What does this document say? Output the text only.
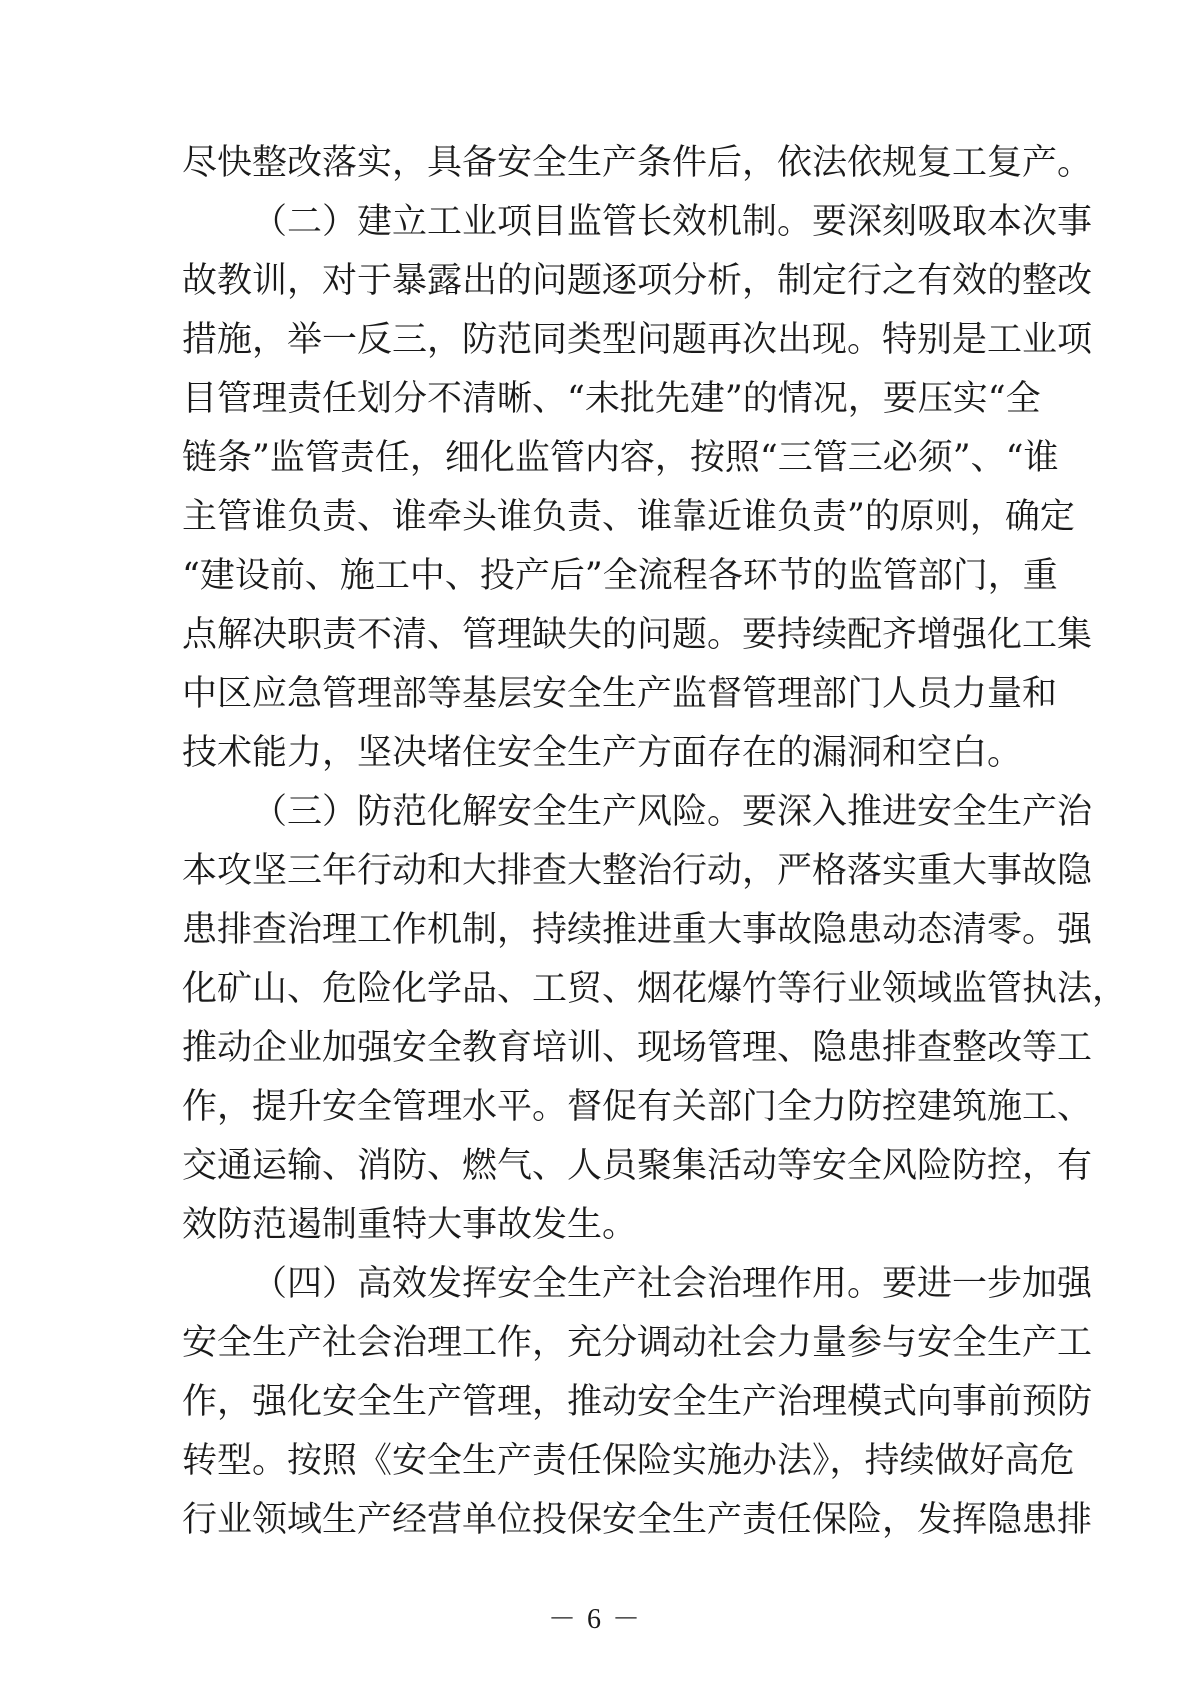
尽快整改落实，具备安全生产条件后，依法依规复工复产。
（二）建立工业项目监管长效机制。要深刻吸取本次事
故教训，对于暴露出的问题逐项分析，制定行之有效的整改
措施，举一反三，防范同类型问题再次出现。特别是工业项
目管理责任划分不清晰、“未批先建”的情况，要压实“全
链条”监管责任，细化监管内容，按照“三管三必须”、“谁
主管谁负责、谁牵头谁负责、谁靠近谁负责”的原则，确定
“建设前、施工中、投产后”全流程各环节的监管部门，重
点解决职责不清、管理缺失的问题。要持续配齐增强化工集
中区应急管理部等基层安全生产监督管理部门人员力量和
技术能力，坚决堵住安全生产方面存在的漏洞和空白。
（三）防范化解安全生产风险。要深入推进安全生产治
本攻坚三年行动和大排查大整治行动，严格落实重大事故隐
患排查治理工作机制，持续推进重大事故隐患动态清零。强
化矿山、危险化学品、工贸、烟花爆竹等行业领域监管执法，
推动企业加强安全教育培训、现场管理、隐患排查整改等工
作，提升安全管理水平。督促有关部门全力防控建筑施工、
交通运输、消防、燃气、人员聚集活动等安全风险防控，有
效防范遏制重特大事故发生。
（四）高效发挥安全生产社会治理作用。要进一步加强
安全生产社会治理工作，充分调动社会力量参与安全生产工
作，强化安全生产管理，推动安全生产治理模式向事前预防
转型。按照《安全生产责任保险实施办法》，持续做好高危
行业领域生产经营单位投保安全生产责任保险，发挥隐患排
－ 6 －
